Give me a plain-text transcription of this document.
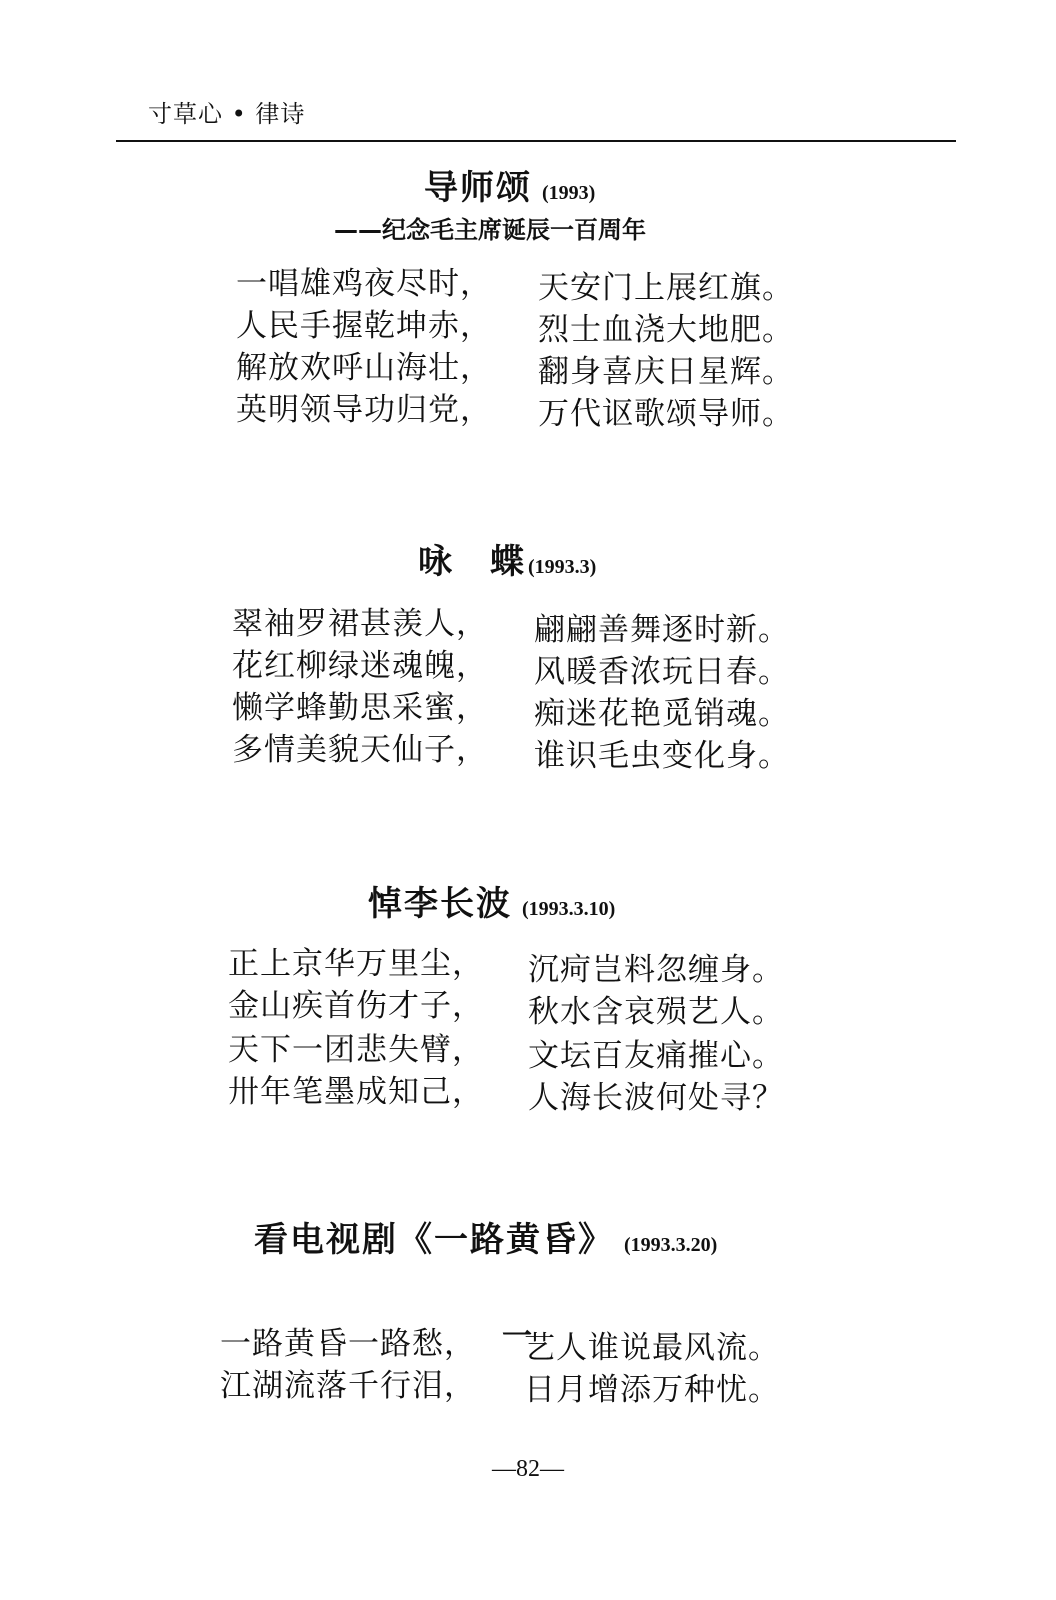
寸草心 • 律诗
导师颂 (1993)
——纪念毛主席诞辰一百周年
一唱雄鸡夜尽时， 天安门上展红旗。
人民手握乾坤赤， 烈士血浇大地肥。
解放欢呼山海壮， 翻身喜庆日星辉。
英明领导功归党， 万代讴歌颂导师。
咏　蝶 (1993.3)
翠袖罗裙甚羡人， 翩翩善舞逐时新。
花红柳绿迷魂魄， 风暖香浓玩日春。
懒学蜂勤思采蜜， 痴迷花艳觅销魂。
多情美貌天仙子， 谁识毛虫变化身。
悼李长波 (1993.3.10)
正上京华万里尘， 沉疴岂料忽缠身。
金山疾首伤才子， 秋水含哀殒艺人。
天下一团悲失臂， 文坛百友痛摧心。
卅年笔墨成知己， 人海长波何处寻？
看电视剧《一路黄昏》 (1993.3.20)
一
一路黄昏一路愁， 艺人谁说最风流。
江湖流落千行泪， 日月增添万种忧。
—82—
